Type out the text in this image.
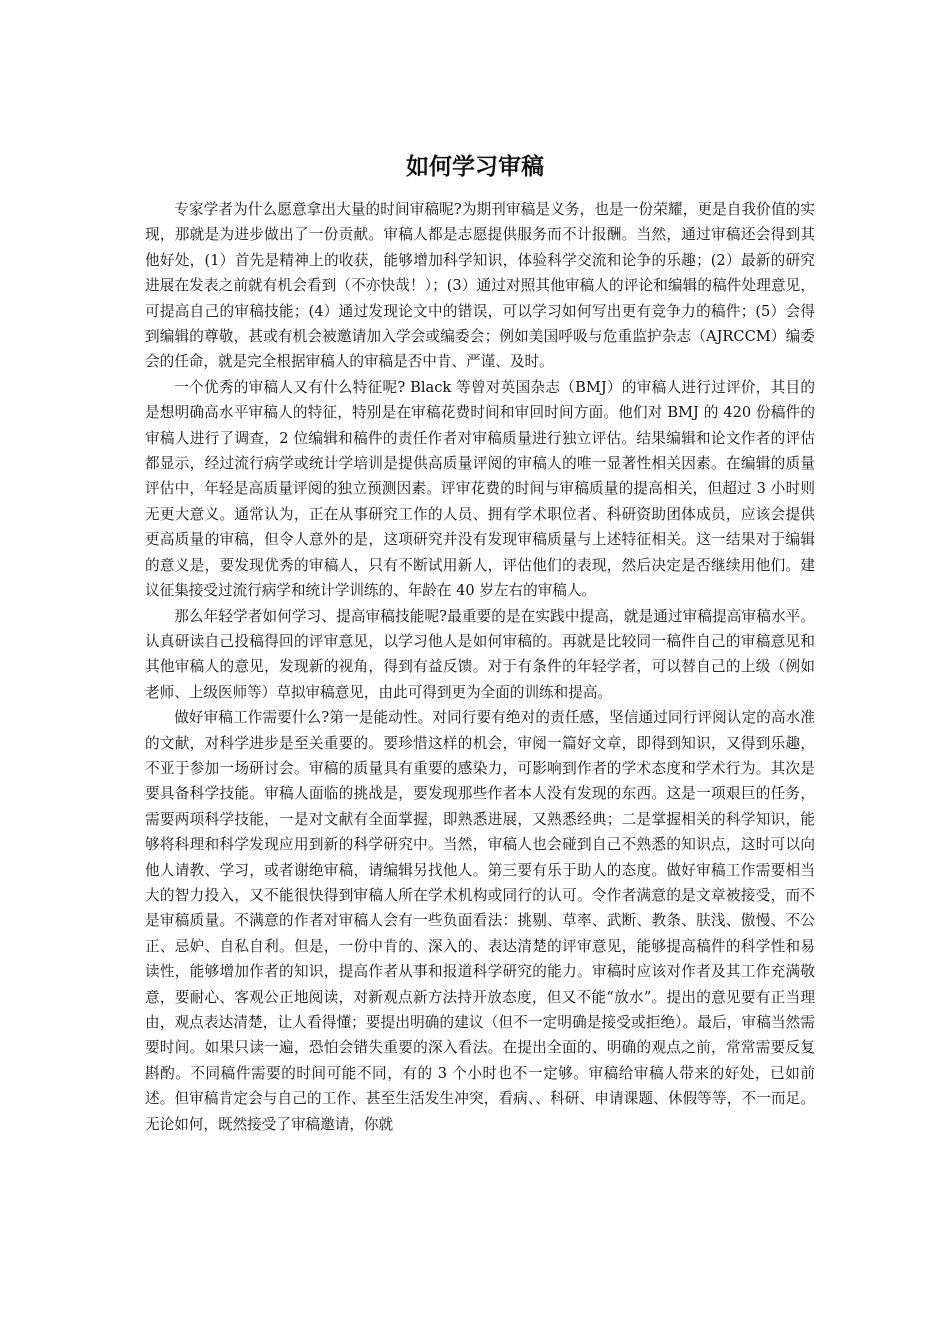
如何学习审稿

专家学者为什么愿意拿出大量的时间审稿呢?为期刊审稿是义务，也是一份荣耀，更是自我价值的实现，那就是为进步做出了一份贡献。审稿人都是志愿提供服务而不计报酬。当然，通过审稿还会得到其他好处，(1）首先是精神上的收获，能够增加科学知识，体验科学交流和论争的乐趣；(2）最新的研究进展在发表之前就有机会看到（不亦快哉！）；(3）通过对照其他审稿人的评论和编辑的稿件处理意见，可提高自己的审稿技能；(4）通过发现论文中的错误，可以学习如何写出更有竞争力的稿件；(5）会得到编辑的尊敬，甚或有机会被邀请加入学会或编委会；例如美国呼吸与危重监护杂志（AJRCCM）编委会的任命，就是完全根据审稿人的审稿是否中肯、严谨、及时。

一个优秀的审稿人又有什么特征呢? Black 等曾对英国杂志（BMJ）的审稿人进行过评价，其目的是想明确高水平审稿人的特征，特别是在审稿花费时间和审回时间方面。他们对 BMJ 的 420 份稿件的审稿人进行了调查，2 位编辑和稿件的责任作者对审稿质量进行独立评估。结果编辑和论文作者的评估都显示，经过流行病学或统计学培训是提供高质量评阅的审稿人的唯一显著性相关因素。在编辑的质量评估中，年轻是高质量评阅的独立预测因素。评审花费的时间与审稿质量的提高相关，但超过 3 小时则无更大意义。通常认为，正在从事研究工作的人员、拥有学术职位者、科研资助团体成员，应该会提供更高质量的审稿，但令人意外的是，这项研究并没有发现审稿质量与上述特征相关。这一结果对于编辑的意义是，要发现优秀的审稿人，只有不断试用新人，评估他们的表现，然后决定是否继续用他们。建议征集接受过流行病学和统计学训练的、年龄在 40 岁左右的审稿人。

那么年轻学者如何学习、提高审稿技能呢?最重要的是在实践中提高，就是通过审稿提高审稿水平。认真研读自己投稿得回的评审意见，以学习他人是如何审稿的。再就是比较同一稿件自己的审稿意见和其他审稿人的意见，发现新的视角，得到有益反馈。对于有条件的年轻学者，可以替自己的上级（例如老师、上级医师等）草拟审稿意见，由此可得到更为全面的训练和提高。

做好审稿工作需要什么?第一是能动性。对同行要有绝对的责任感，坚信通过同行评阅认定的高水准的文献，对科学进步是至关重要的。要珍惜这样的机会，审阅一篇好文章，即得到知识，又得到乐趣，不亚于参加一场研讨会。审稿的质量具有重要的感染力，可影响到作者的学术态度和学术行为。其次是要具备科学技能。审稿人面临的挑战是，要发现那些作者本人没有发现的东西。这是一项艰巨的任务，需要两项科学技能，一是对文献有全面掌握，即熟悉进展，又熟悉经典；二是掌握相关的科学知识，能够将科理和科学发现应用到新的科学研究中。当然，审稿人也会碰到自己不熟悉的知识点，这时可以向他人请教、学习，或者谢绝审稿，请编辑另找他人。第三要有乐于助人的态度。做好审稿工作需要相当大的智力投入，又不能很快得到审稿人所在学术机构或同行的认可。令作者满意的是文章被接受，而不是审稿质量。不满意的作者对审稿人会有一些负面看法：挑剔、草率、武断、教条、肤浅、傲慢、不公正、忌妒、自私自利。但是，一份中肯的、深入的、表达清楚的评审意见，能够提高稿件的科学性和易读性，能够增加作者的知识，提高作者从事和报道科学研究的能力。审稿时应该对作者及其工作充满敬意，要耐心、客观公正地阅读，对新观点新方法持开放态度，但又不能“放水”。提出的意见要有正当理由，观点表达清楚，让人看得懂；要提出明确的建议（但不一定明确是接受或拒绝）。最后，审稿当然需要时间。如果只读一遍，恐怕会错失重要的深入看法。在提出全面的、明确的观点之前，常常需要反复斟酌。不同稿件需要的时间可能不同，有的 3 个小时也不一定够。审稿给审稿人带来的好处，已如前述。但审稿肯定会与自己的工作、甚至生活发生冲突，看病、、科研、申请课题、休假等等，不一而足。无论如何，既然接受了审稿邀请，你就
